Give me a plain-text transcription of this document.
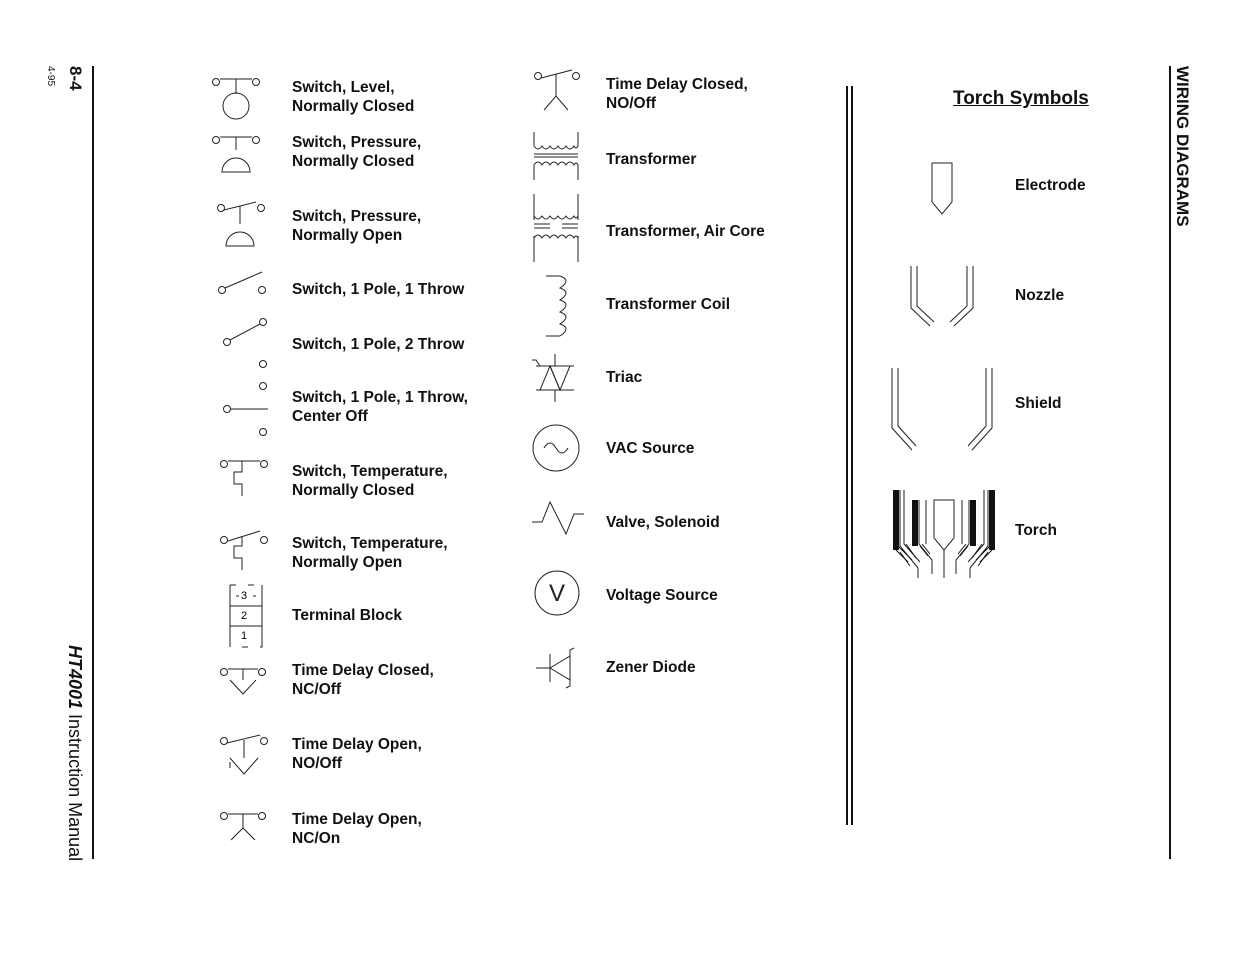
8-4
4-95
HT4001 Instruction Manual
WIRING DIAGRAMS
3
2
1
Switch, Level,
Normally Closed
Switch, Pressure,
Normally Closed
Switch, Pressure,
Normally Open
Switch, 1 Pole, 1 Throw
Switch, 1 Pole, 2 Throw
Switch, 1 Pole, 1 Throw,
Center Off
Switch, Temperature,
Normally Closed
Switch, Temperature,
Normally Open
Terminal Block
Time Delay Closed,
NC/Off
Time Delay Open,
NO/Off
Time Delay Open,
NC/On
V
Time Delay Closed,
NO/Off
Transformer
Transformer, Air Core
Transformer Coil
Triac
VAC Source
Valve, Solenoid
Voltage Source
Zener Diode
Torch Symbols
Electrode
Nozzle
Shield
Torch
